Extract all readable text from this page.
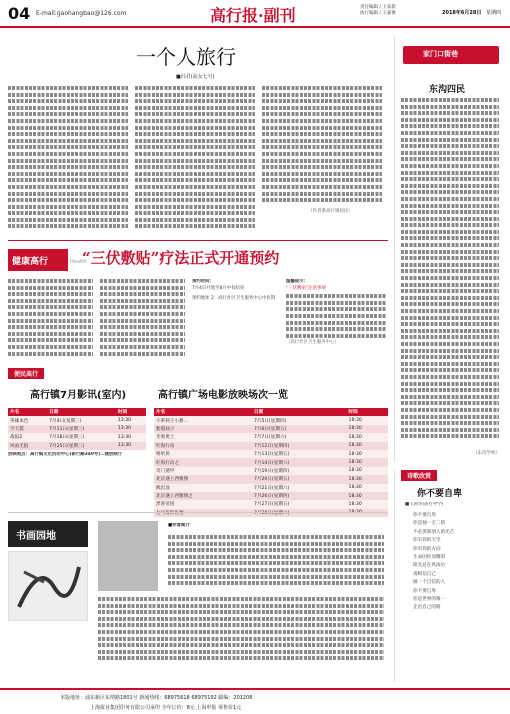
04 E-mail:gaohangbao@126.com	高行报·副刊	责任编辑 / 王家新
执行编辑 / 王嘉俊	2018年6月28日 星期四
一个人旅行
■冯君(高女七号)
（作者系高行镇居民）
家门口街巷
东沟四民
（东沟学校）
健康高行	Health
“三伏敷贴”疗法正式开通预约
预约时间：
7月4日开始至8月中旬结束
预约地址 2：高行社区卫生服务中心中医科
温馨提示：
“三伏敷贴”注意事项
（高行社区卫生服务中心）
便民高行
高行镇7月影讯(室内)
片名	日期	时间
英雄本色	7月4日(星期三)	13:30
空天猎	7月11日(星期三)	13:30
战狼2	7月18日(星期三)	13:30
风雨无阻	7月25日(星期三)	13:30
放映地点：高行镇文化活动中心(新行路340号)二楼放映厅
高行镇广场电影放映场次一览
片名	日期	时间
小萝莉王小甜…	7月5日(星期四)	18:30
紫霞仙子	7月6日(星期五)	18:30
冬奥勇士	7月7日(星期六)	18:30
红海行动	7月12日(星期四)	18:30
嘻哈侠	7月13日(星期五)	18:30
红海行动之	7月14日(星期六)	18:30
奇门遁甲	7月19日(星期四)	18:30
北京遇上西雅图	7月20日(星期五)	18:30
熊出没	7月21日(星期六)	18:30
北京遇上西雅图之	7月26日(星期四)	18:30
黑客帝国	7月27日(星期五)	18:30
七号房的礼物	7月28日(星期六)	18:30
书画园地
■作者简介
诗歌欣赏
你不要自卑
■王国华(高行中学)
你不要自卑
你是独一无二的
不必羡慕别人的光芒
你有你的天空
你有你的方向
生命因你而精彩
阳光总在风雨后
请相信自己
做一个自信的人
你不要自卑
你是世界的唯一
走出自己的路
本版地址：浦东新区东靖路1801号 新闻热线：68975618 68975192 邮编：201208
上海报业集团印务有限公司承印 全年订价：8元 上海申报 零售价1元
